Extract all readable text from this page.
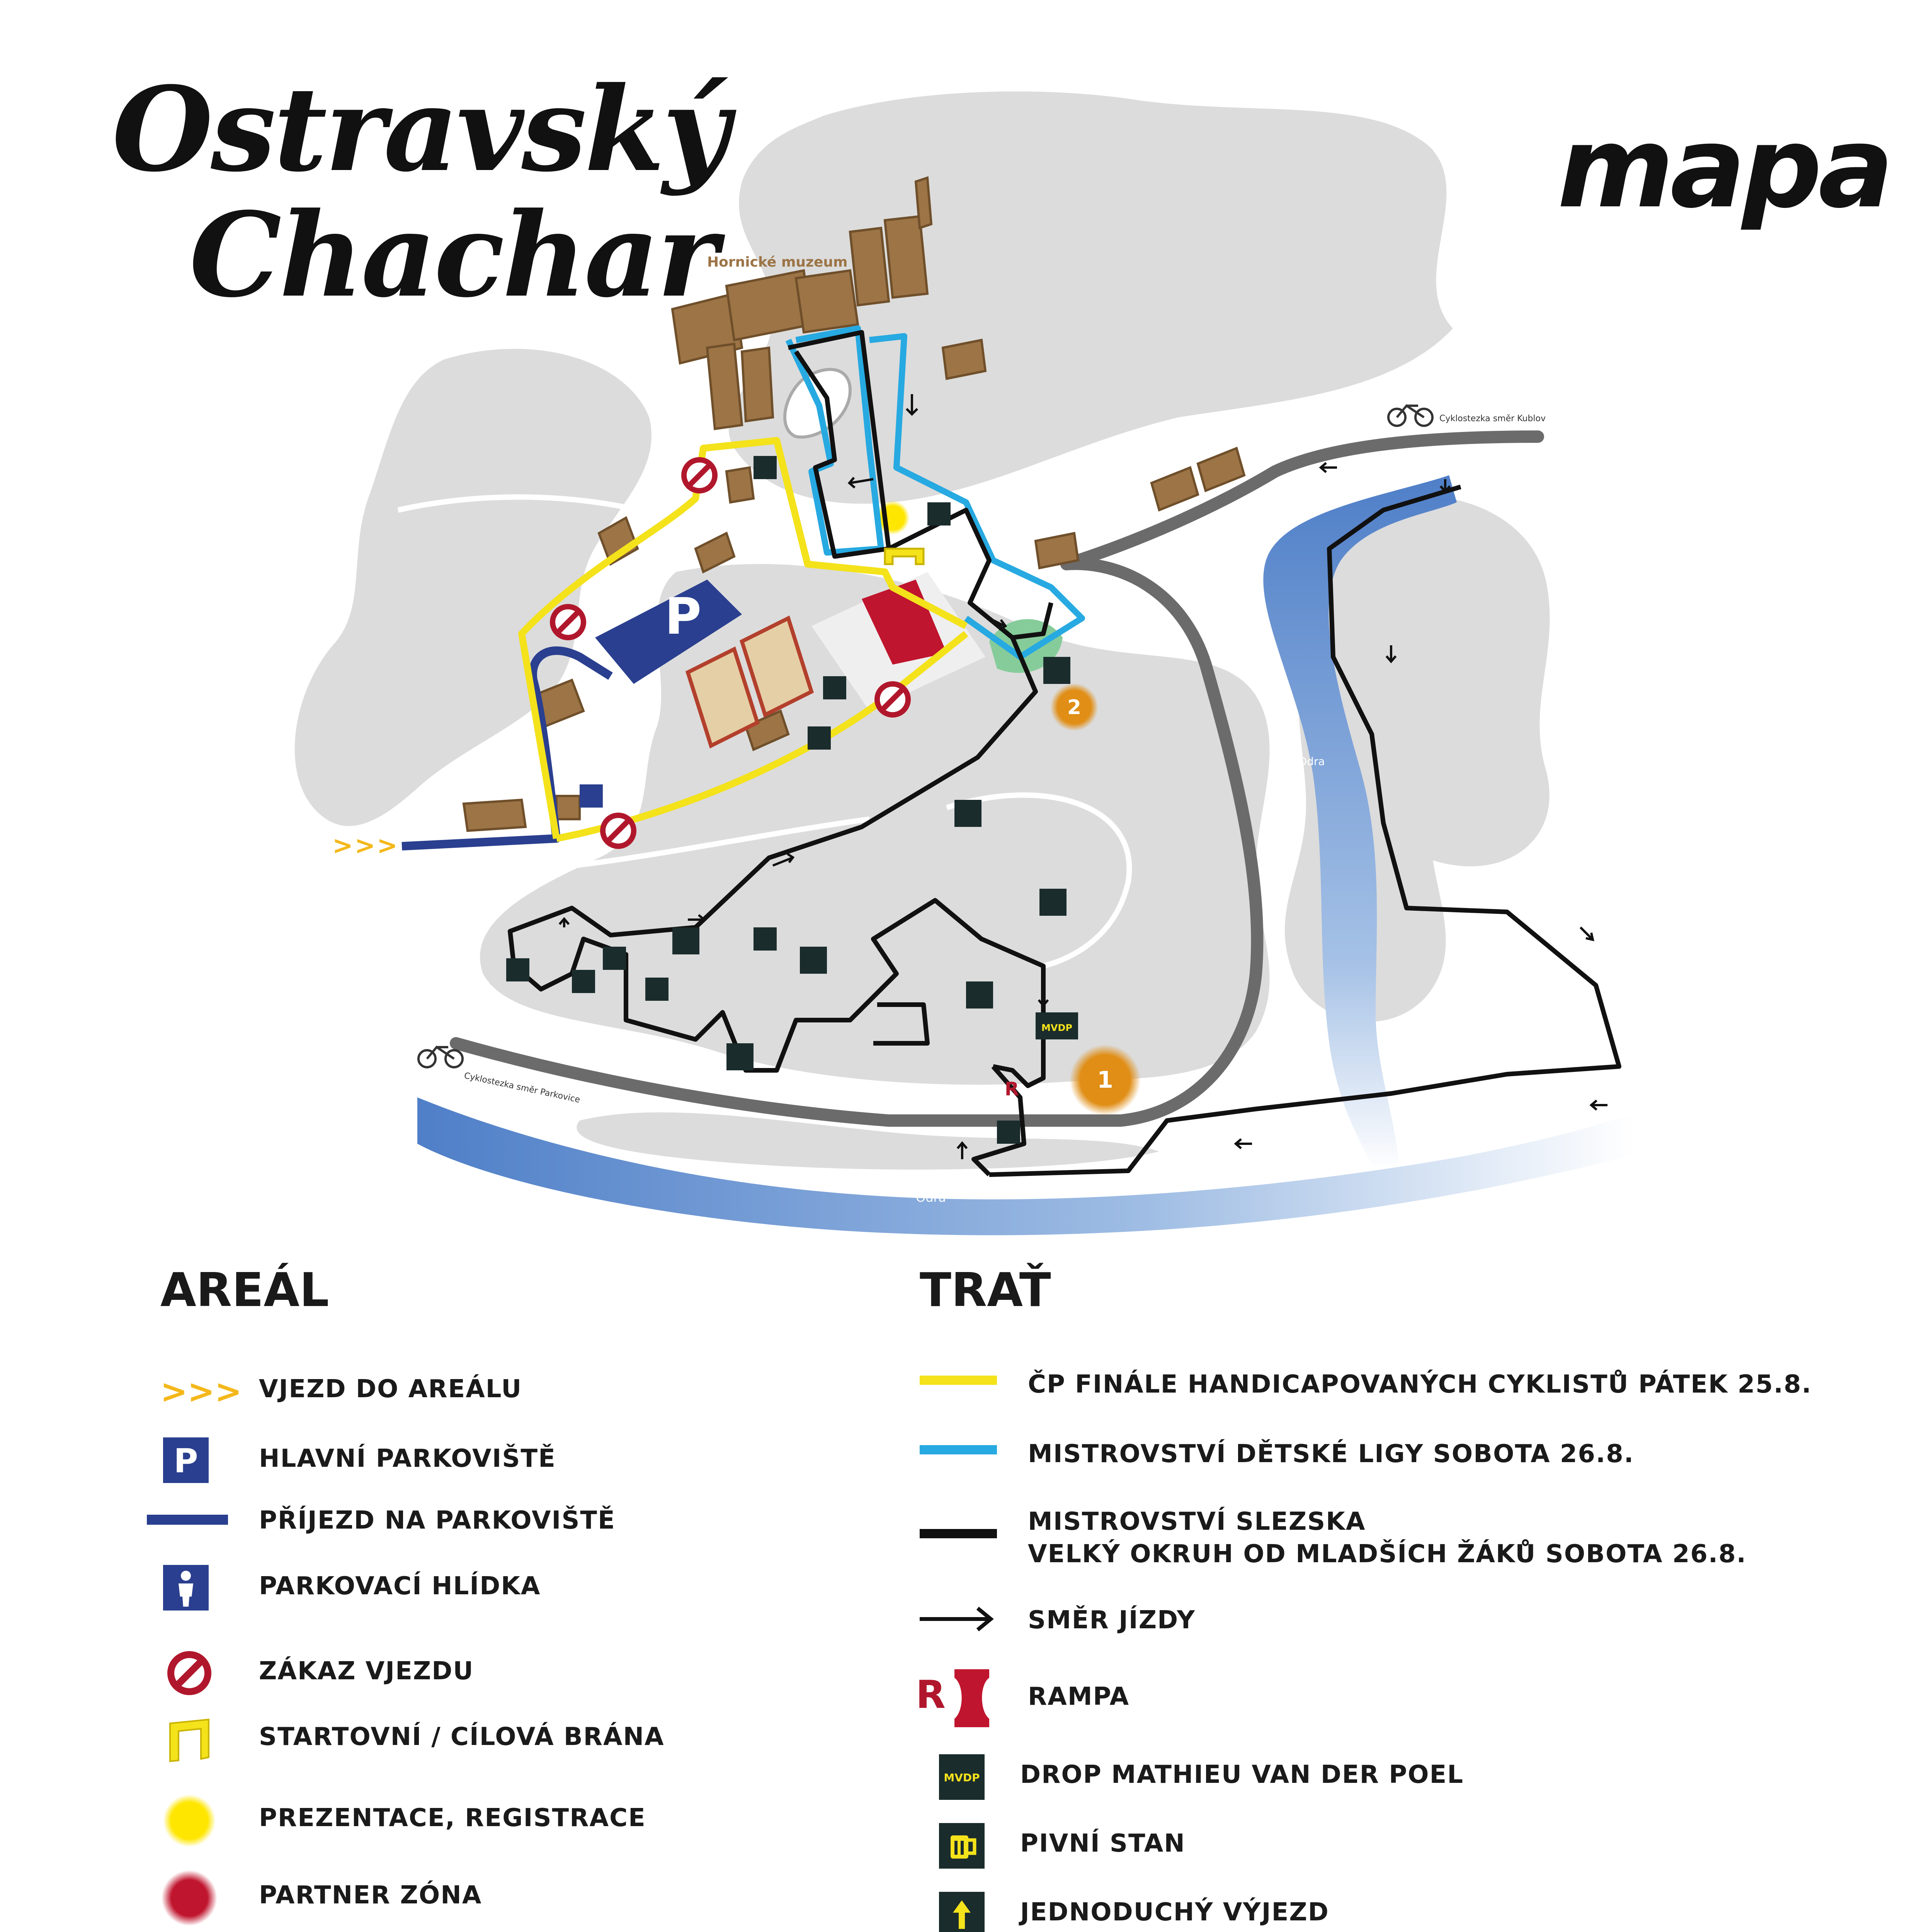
Hornické muzeum
2
1
P
MVDP
R
Cyklostezka směr Kublov
Cyklostezka směr Parkovice
Odra
Odra
>>>
Ostravský
Chachar
mapa
AREÁL
>>> VJEZD DO AREÁLU
P HLAVNÍ PARKOVIŠTĚ
PŘÍJEZD NA PARKOVIŠTĚ
PARKOVACÍ HLÍDKA
ZÁKAZ VJEZDU
STARTOVNÍ / CÍLOVÁ BRÁNA
PREZENTACE, REGISTRACE
PARTNER ZÓNA
TRAŤ
ČP FINÁLE HANDICAPOVANÝCH CYKLISTŮ PÁTEK 25.8.
MISTROVSTVÍ DĚTSKÉ LIGY SOBOTA 26.8.
MISTROVSTVÍ SLEZSKA
VELKÝ OKRUH OD MLADŠÍCH ŽÁKŮ SOBOTA 26.8.
SMĚR JÍZDY
R	RAMPA
MVDP DROP MATHIEU VAN DER POEL
PIVNÍ STAN
JEDNODUCHÝ VÝJEZD
